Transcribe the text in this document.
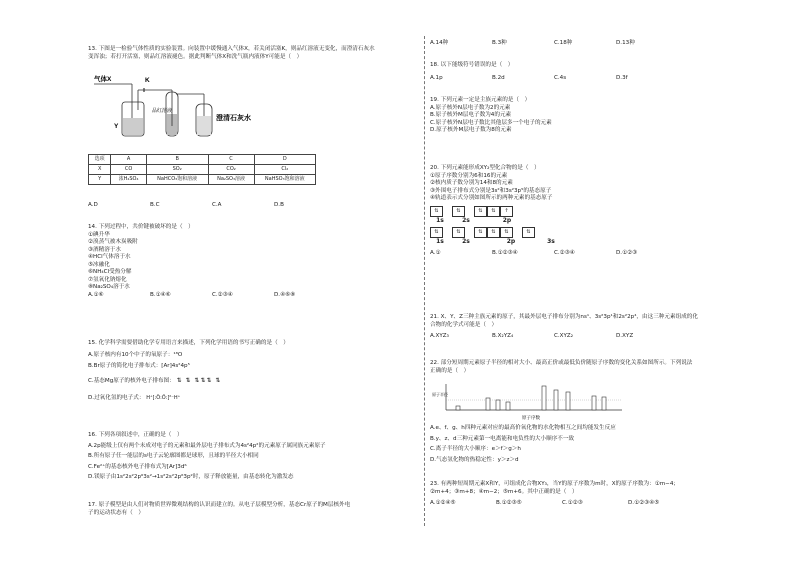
13. 下图是一检验气体性质的实验装置。向装置中缓慢通入气体X，若关闭活塞K，则品红溶液无变化，而澄清石灰水
变浑浊；若打开活塞，则品红溶液褪色。据此判断气体X和洗气瓶内液体Y可能是（　）
气体X	K
Y
品红溶液
澄清石灰水
选项	A	B	C	D
X	CO	SO₂	CO₂	Cl₂
Y	浓H₂SO₄	NaHCO₃饱和溶液	Na₂SO₃溶液	NaHSO₃饱和溶液
A.D	B.C	C.A	D.B
14. 下列过程中，共价键被破坏的是（　）
①碘升华
②溴蒸气被木炭吸附
③酒精溶于水
④HCl气体溶于水
⑤冰融化
⑥NH₄Cl受热分解
⑦氢氧化钠熔化
⑧Na₂SO₄溶于水
A.①⑥	B.①④⑥	C.②③④	D.④⑥⑧
15. 化学科学需要借助化学专用语言来描述，下列化学用语的书写正确的是（　）
A.原子核内有10个中子的氧原子：¹⁸O
B.Br原子的简化电子排布式：[Ar]4s²4p⁵
C.基态Mg原子的核外电子排布图： ⇅ ⇅ ⇅⇅⇅ ⇅
D.过氧化氢的电子式： H⁺[:Ö:Ö:]²⁻H⁺
16. 下列各项叙述中，正确的是（　）
A.2p能级上仅有两个未成对电子的元素和最外层电子排布式为4s²4p²的元素原子属同族元素原子
B.所有原子任一能层的s电子云轮廓图都是球形，且球的半径大小相同
C.Fe²⁺的基态核外电子排布式为[Ar]3d⁶
D.镁原子由1s²2s²2p⁶3s²→1s²2s²2p⁶3p²时，原子释放能量，由基态转化为激发态
17. 原子模型是由人们对物质世界微观结构的认识而建立的。从电子层模型分析，基态Cr原子的M层核外电
子的运动状态有（　）
A.14种	B.3种	C.18种	D.13种
18. 以下能级符号错误的是（　）
A.1p	B.2d	C.4s	D.3f
19. 下列元素一定是主族元素的是（　）
A.原子核外N层电子数为2的元素
B.原子核外M层电子数为4的元素
C.原子核外N层电子数比其他层多一个电子的元素
D.原子核外M层电子数为8的元素
20. 下列元素能形成XY₂型化合物的是（　）
①原子序数分别为6和16的元素
②核内质子数分别为14和8的元素
③外围电子排布式分别是3s²和3s²3p⁵的基态原子
④轨道表示式分别如图所示的两种元素的基态原子
⇅	⇅	⇅	⇅	↑
1s	2s	2p
⇅	⇅	⇅	⇅	⇅	⇅
1s	2s	2p	3s
A.①	B.①②③④	C.②③④	D.①②③
21. X、Y、Z三种主族元素的原子，其最外层电子排布分别为ns¹、3s²3p¹和2s²2p⁴，由这三种元素组成的化
合物的化学式可能是（　）
A.XYZ₃	B.X₂YZ₄	C.XYZ₂	D.XYZ
22. 部分短周期元素原子半径的相对大小、最高正价或最低负价随原子序数的变化关系如图所示。下列说法
正确的是（　）
原子半径
原子序数
A.e、f、g、h四种元素对应的最高价氧化物的水化物相互之间均能发生反应
B.y、z、d三种元素第一电离能和电负性的大小顺序不一致
C.离子半径的大小顺序：e＞f＞g＞h
D.气态氢化物的热稳定性：y＞z＞d
23. 有两种短周期元素X和Y，可组成化合物XY₃，当Y的原子序数为m时，X的原子序数为：①m−4；
②m+4；③m+8；④m−2；⑤m+6。其中正确的是（　）
A.①②④⑤	B.①②③⑤	C.①②③	D.①②③④⑤
